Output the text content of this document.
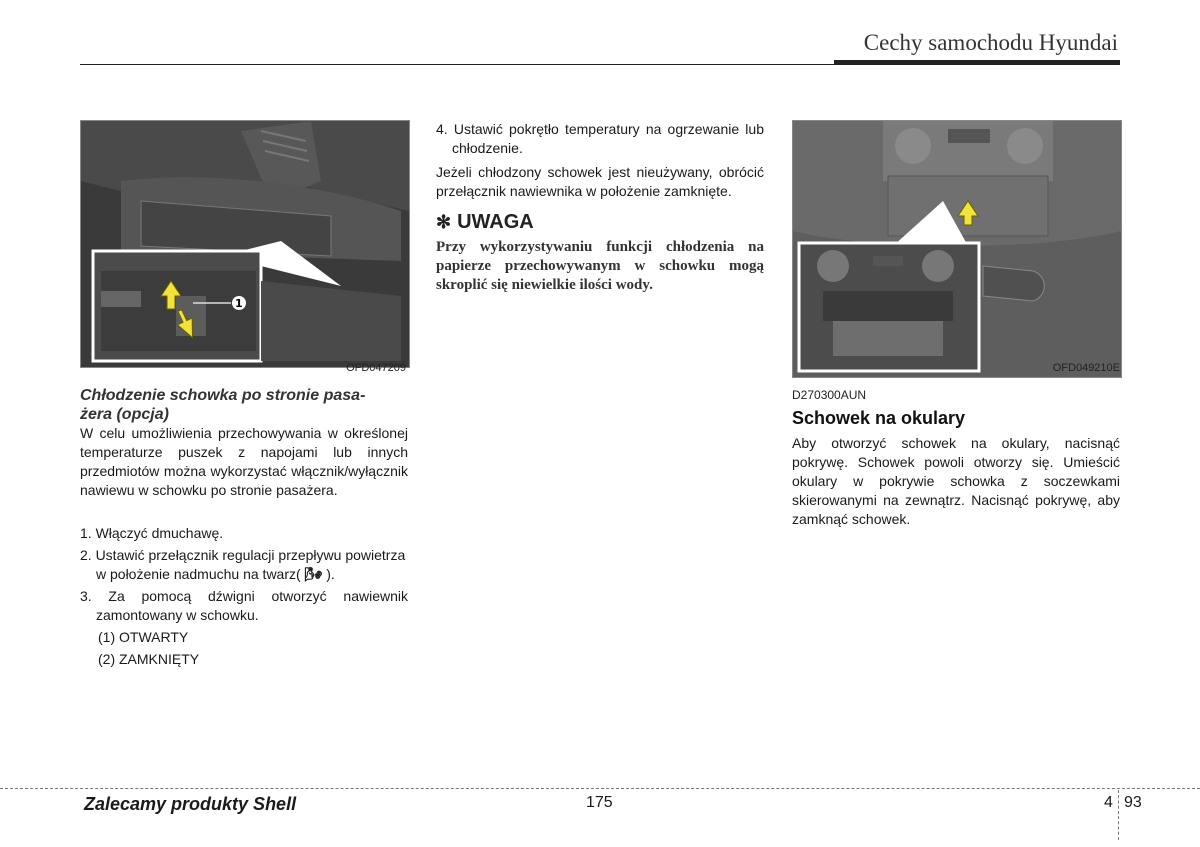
Cechy samochodu Hyundai
1
OFD047209
Chłodzenie schowka po stronie pasa-
żera (opcja)

W celu umożliwienia przechowywania w określonej temperaturze puszek z napojami lub innych przedmiotów można wykorzystać włącznik/wyłącznik nawiewu w schowku po stronie pasażera.

1. Włączyć dmuchawę.
2. Ustawić przełącznik regulacji przepływu powietrza w położenie nadmuchu na twarz( 🌬 ).
3. Za pomocą dźwigni otworzyć nawiewnik zamontowany w schowku.
(1) OTWARTY
(2) ZAMKNIĘTY

4. Ustawić pokrętło temperatury na ogrzewanie lub chłodzenie.

Jeżeli chłodzony schowek jest nieużywany, obrócić przełącznik nawiewnika w położenie zamknięte.

✻ UWAGA

Przy wykorzystywaniu funkcji chłodzenia na papierze przechowywanym w schowku mogą skroplić się niewielkie ilości wody.

OFD049210E
D270300AUN
Schowek na okulary

Aby otworzyć schowek na okulary, nacisnąć pokrywę. Schowek powoli otworzy się. Umieścić okulary w pokrywie schowka z soczewkami skierowanymi na zewnątrz. Nacisnąć pokrywę, aby zamknąć schowek.

Zalecamy produkty Shell	175	4 93
